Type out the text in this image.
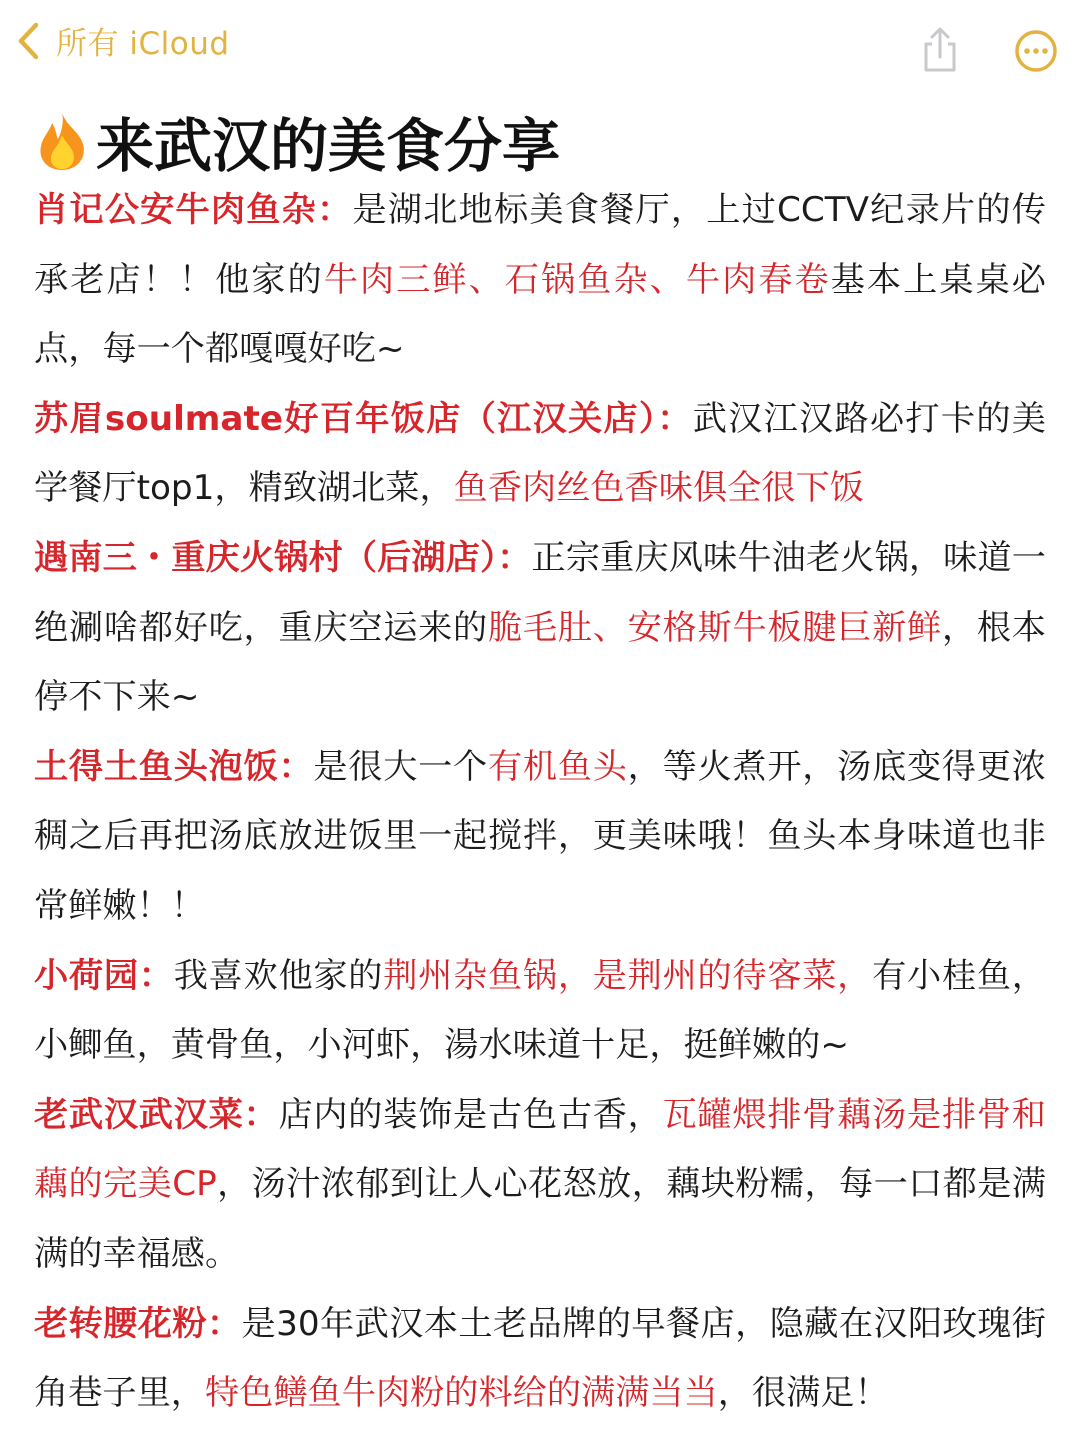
所有 iCloud
来武汉的美食分享

肖记公安牛肉鱼杂：是湖北地标美食餐厅，上过CCTV纪录片的传承老店！！他家的牛肉三鲜、石锅鱼杂、牛肉春卷基本上桌桌必点，每一个都嘎嘎好吃~

苏眉soulmate好百年饭店（江汉关店）：武汉江汉路必打卡的美学餐厅top1，精致湖北菜，鱼香肉丝色香味俱全很下饭

遇南三・重庆火锅村（后湖店）：正宗重庆风味牛油老火锅，味道一绝涮啥都好吃，重庆空运来的脆毛肚、安格斯牛板腱巨新鲜，根本停不下来~

土得土鱼头泡饭：是很大一个有机鱼头，等火煮开，汤底变得更浓稠之后再把汤底放进饭里一起搅拌，更美味哦！鱼头本身味道也非常鲜嫩！！

小荷园：我喜欢他家的荆州杂鱼锅，是荆州的待客菜，有小桂鱼，小鲫鱼，黄骨鱼，小河虾，湯水味道十足，挺鲜嫩的~

老武汉武汉菜：店内的装饰是古色古香，瓦罐煨排骨藕汤是排骨和藕的完美CP，汤汁浓郁到让人心花怒放，藕块粉糯，每一口都是满满的幸福感。

老转腰花粉：是30年武汉本土老品牌的早餐店，隐藏在汉阳玫瑰街角巷子里，特色鳝鱼牛肉粉的料给的满满当当，很满足！
